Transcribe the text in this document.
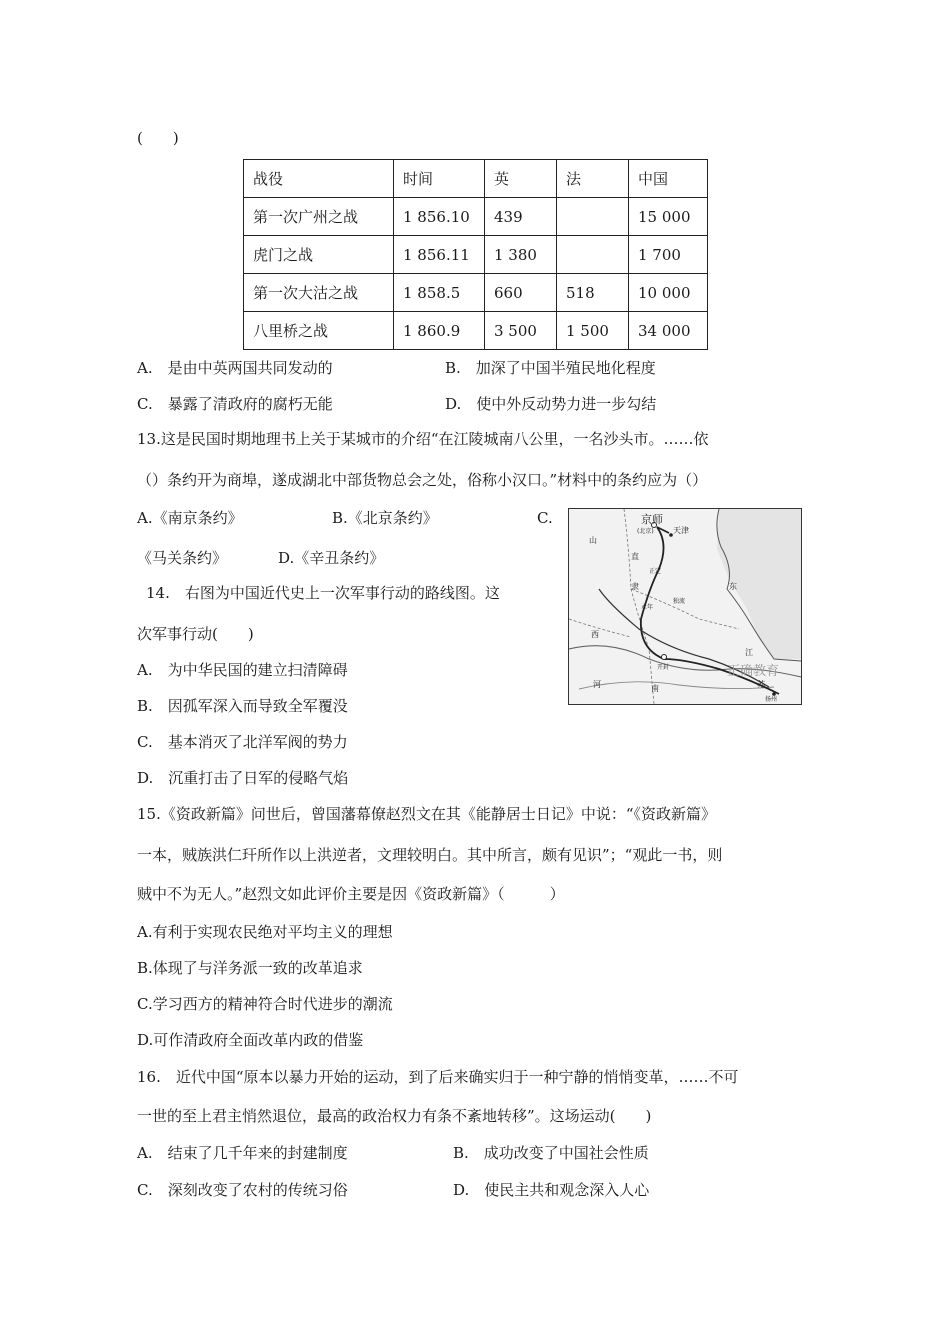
(　　)
战役	时间	英	法	中国
第一次广州之战	1 856.10	439		15 000
虎门之战	1 856.11	1 380		1 700
第一次大沽之战	1 858.5	660	518	10 000
八里桥之战	1 860.9	3 500	1 500	34 000
A.　是由中英两国共同发动的	B.　加深了中国半殖民地化程度
C.　暴露了清政府的腐朽无能	D.　使中外反动势力进一步勾结
13.这是民国时期地理书上关于某城市的介绍“在江陵城南八公里，一名沙头市。……依
（）条约开为商埠，遂成湖北中部货物总会之处，俗称小汉口。”材料中的条约应为（）
A.《南京条约》	B.《北京条约》	C.
《马关条约》	D.《辛丑条约》
京师
(北京) 天津
山
西
直
隶
正定
永年
独流
东
开封
河	南
江
苏
扬州
正确教育
14.　右图为中国近代史上一次军事行动的路线图。这
次军事行动(　　)
A.　为中华民国的建立扫清障碍
B.　因孤军深入而导致全军覆没
C.　基本消灭了北洋军阀的势力
D.　沉重打击了日军的侵略气焰
15.《资政新篇》问世后，曾国藩幕僚赵烈文在其《能静居士日记》中说：“《资政新篇》
一本，贼族洪仁玕所作以上洪逆者，文理较明白。其中所言，颇有见识”；“观此一书，则
贼中不为无人。”赵烈文如此评价主要是因《资政新篇》（　　　）
A.有利于实现农民绝对平均主义的理想
B.体现了与洋务派一致的改革追求
C.学习西方的精神符合时代进步的潮流
D.可作清政府全面改革内政的借鉴
16.　近代中国“原本以暴力开始的运动，到了后来确实归于一种宁静的悄悄变革，……不可
一世的至上君主悄然退位，最高的政治权力有条不紊地转移”。这场运动(　　)
A.　结束了几千年来的封建制度	B.　成功改变了中国社会性质
C.　深刻改变了农村的传统习俗	D.　使民主共和观念深入人心
